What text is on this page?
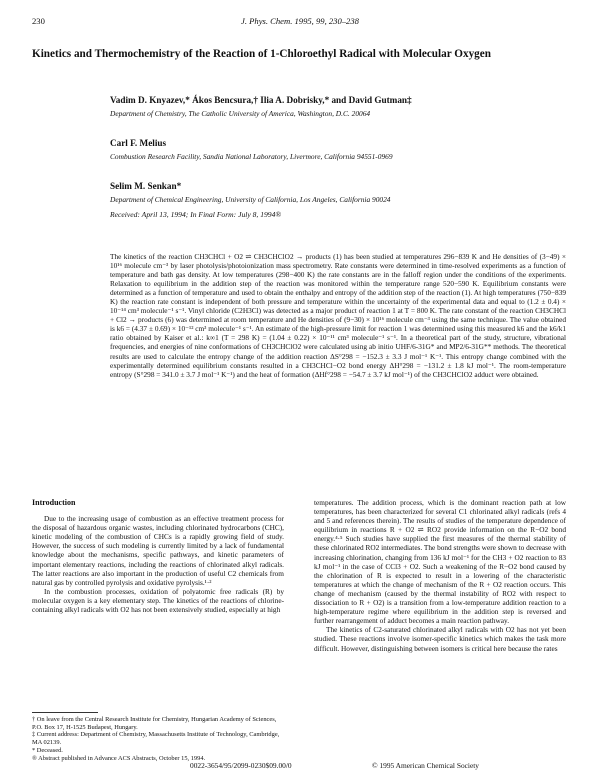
230	J. Phys. Chem. 1995, 99, 230–238
Kinetics and Thermochemistry of the Reaction of 1-Chloroethyl Radical with Molecular Oxygen
Vadim D. Knyazev,* Ákos Bencsura,† Ilia A. Dobrisky,* and David Gutman‡
Department of Chemistry, The Catholic University of America, Washington, D.C. 20064
Carl F. Melius
Combustion Research Facility, Sandia National Laboratory, Livermore, California 94551-0969
Selim M. Senkan*
Department of Chemical Engineering, University of California, Los Angeles, California 90024
Received: April 13, 1994; In Final Form: July 8, 1994®
The kinetics of the reaction CH3CHCl + O2 ⇌ CH3CHClO2 → products (1) has been studied at temperatures 296−839 K and He densities of (3−49) × 10¹⁶ molecule cm⁻³ by laser photolysis/photoionization mass spectrometry. Rate constants were determined in time-resolved experiments as a function of temperature and bath gas density. At low temperatures (298−400 K) the rate constants are in the falloff region under the conditions of the experiments. Relaxation to equilibrium in the addition step of the reaction was monitored within the temperature range 520−590 K. Equilibrium constants were determined as a function of temperature and used to obtain the enthalpy and entropy of the addition step of the reaction (1). At high temperatures (750−839 K) the reaction rate constant is independent of both pressure and temperature within the uncertainty of the experimental data and equal to (1.2 ± 0.4) × 10⁻¹⁴ cm³ molecule⁻¹ s⁻¹. Vinyl chloride (C2H3Cl) was detected as a major product of reaction 1 at T = 800 K. The rate constant of the reaction CH3CHCl + Cl2 → products (6) was determined at room temperature and He densities of (9−30) × 10¹⁶ molecule cm⁻³ using the same technique. The value obtained is k6 = (4.37 ± 0.69) × 10⁻¹² cm³ molecule⁻¹ s⁻¹. An estimate of the high-pressure limit for reaction 1 was determined using this measured k6 and the k6/k1 ratio obtained by Kaiser et al.: k∞1 (T = 298 K) = (1.04 ± 0.22) × 10⁻¹¹ cm³ molecule⁻¹ s⁻¹. In a theoretical part of the study, structure, vibrational frequencies, and energies of nine conformations of CH3CHClO2 were calculated using ab initio UHF/6-31G* and MP2/6-31G** methods. The theoretical results are used to calculate the entropy change of the addition reaction ΔS°298 = −152.3 ± 3.3 J mol⁻¹ K⁻¹. This entropy change combined with the experimentally determined equilibrium constants resulted in a CH3CHCl−O2 bond energy ΔH°298 = −131.2 ± 1.8 kJ mol⁻¹. The room-temperature entropy (S°298 = 341.0 ± 3.7 J mol⁻¹ K⁻¹) and the heat of formation (ΔHf°298 = −54.7 ± 3.7 kJ mol⁻¹) of the CH3CHClO2 adduct were obtained.
Introduction

Due to the increasing usage of combustion as an effective treatment process for the disposal of hazardous organic wastes, including chlorinated hydrocarbons (CHC), kinetic modeling of the combustion of CHCs is a rapidly growing field of study. However, the success of such modeling is currently limited by a lack of fundamental knowledge about the mechanisms, specific pathways, and kinetic parameters of important elementary reactions, including the reactions of chlorinated alkyl radicals. The latter reactions are also important in the production of useful C2 chemicals from natural gas by controlled pyrolysis and oxidative pyrolysis.¹·²

In the combustion processes, oxidation of polyatomic free radicals (R) by molecular oxygen is a key elementary step. The kinetics of the reactions of chlorine-containing alkyl radicals with O2 has not been extensively studied, especially at high

temperatures. The addition process, which is the dominant reaction path at low temperatures, has been characterized for several C1 chlorinated alkyl radicals (refs 4 and 5 and references therein). The results of studies of the temperature dependence of equilibrium in reactions R + O2 ⇌ RO2 provide information on the R−O2 bond energy.⁴·⁵ Such studies have supplied the first measures of the thermal stability of these chlorinated RO2 intermediates. The bond strengths were shown to decrease with increasing chlorination, changing from 136 kJ mol⁻¹ for the CH3 + O2 reaction to 83 kJ mol⁻¹ in the case of CCl3 + O2. Such a weakening of the R−O2 bond caused by the chlorination of R is expected to result in a lowering of the characteristic temperatures at which the change of mechanism of the R + O2 reaction occurs. This change of mechanism (caused by the thermal instability of RO2 with respect to dissociation to R + O2) is a transition from a low-temperature addition reaction to a high-temperature regime where equilibrium in the addition step is reversed and further rearrangement of adduct becomes a main reaction pathway.

The kinetics of C2-saturated chlorinated alkyl radicals with O2 has not yet been studied. These reactions involve isomer-specific kinetics which makes the task more difficult. However, distinguishing between isomers is critical here because the rates

† On leave from the Central Research Institute for Chemistry, Hungarian Academy of Sciences, P.O. Box 17, H-1525 Budapest, Hungary.
‡ Current address: Department of Chemistry, Massachusetts Institute of Technology, Cambridge, MA 02139.
* Deceased.
® Abstract published in Advance ACS Abstracts, October 15, 1994.
0022-3654/95/2099-0230$09.00/0	© 1995 American Chemical Society
